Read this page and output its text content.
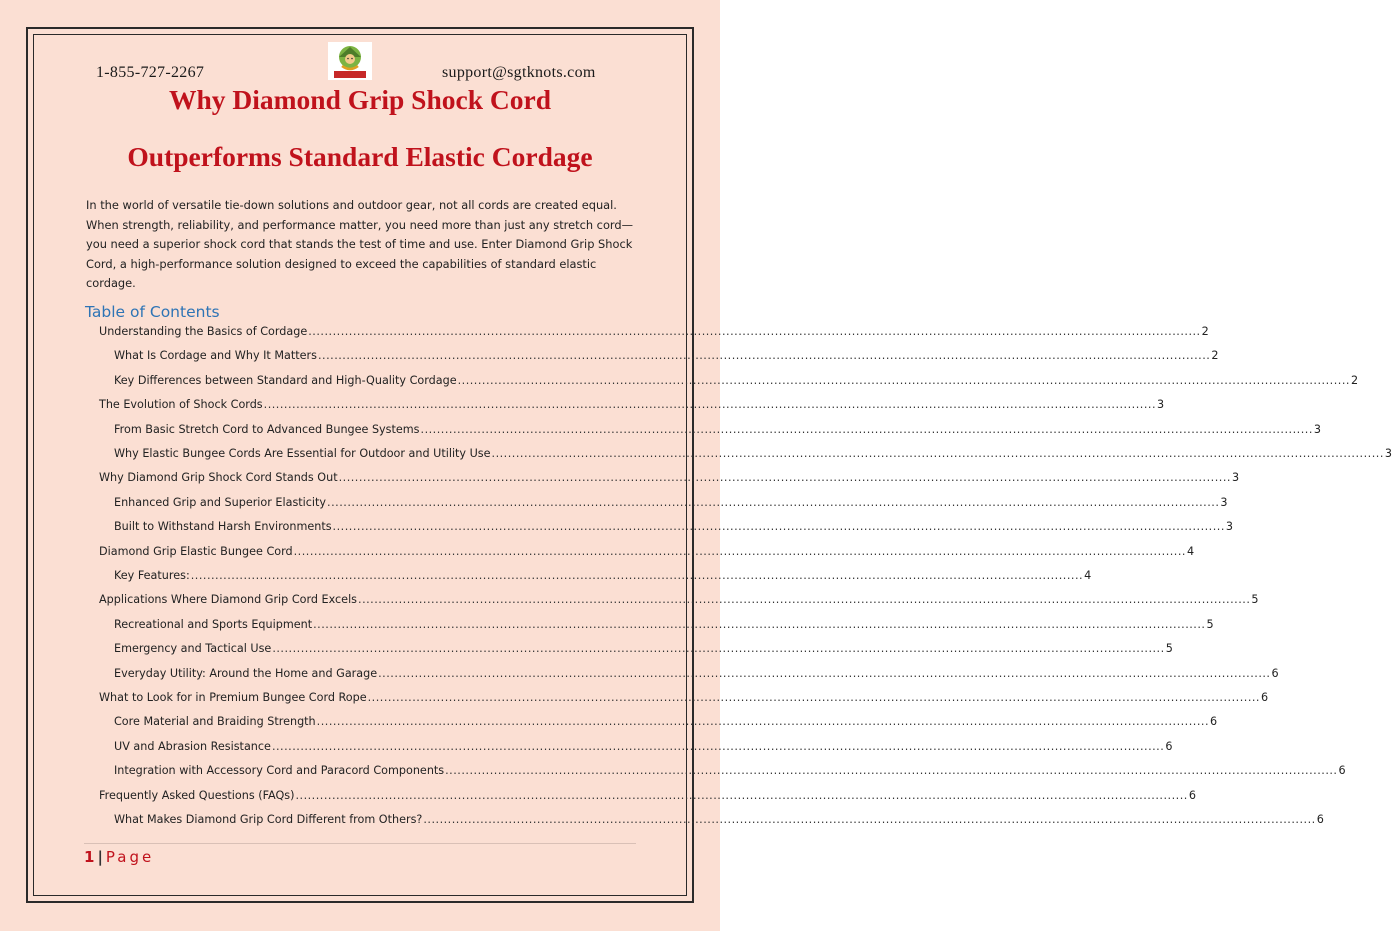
1-855-727-2267	support@sgtknots.com
Why Diamond Grip Shock Cord
Outperforms Standard Elastic Cordage
In the world of versatile tie-down solutions and outdoor gear, not all cords are created equal. When strength, reliability, and performance matter, you need more than just any stretch cord—you need a superior shock cord that stands the test of time and use. Enter Diamond Grip Shock Cord, a high-performance solution designed to exceed the capabilities of standard elastic cordage.
Table of Contents
Understanding the Basics of Cordage ............................................................................................................................................................................................................................ 2
What Is Cordage and Why It Matters ............................................................................................................................................................................................................................ 2
Key Differences between Standard and High-Quality Cordage ............................................................................................................................................................................................................................ 2
The Evolution of Shock Cords ............................................................................................................................................................................................................................ 3
From Basic Stretch Cord to Advanced Bungee Systems ............................................................................................................................................................................................................................ 3
Why Elastic Bungee Cords Are Essential for Outdoor and Utility Use ............................................................................................................................................................................................................................ 3
Why Diamond Grip Shock Cord Stands Out ............................................................................................................................................................................................................................ 3
Enhanced Grip and Superior Elasticity ............................................................................................................................................................................................................................ 3
Built to Withstand Harsh Environments ............................................................................................................................................................................................................................ 3
Diamond Grip Elastic Bungee Cord ............................................................................................................................................................................................................................ 4
Key Features: ............................................................................................................................................................................................................................ 4
Applications Where Diamond Grip Cord Excels ............................................................................................................................................................................................................................ 5
Recreational and Sports Equipment ............................................................................................................................................................................................................................ 5
Emergency and Tactical Use ............................................................................................................................................................................................................................ 5
Everyday Utility: Around the Home and Garage ............................................................................................................................................................................................................................ 6
What to Look for in Premium Bungee Cord Rope ............................................................................................................................................................................................................................ 6
Core Material and Braiding Strength ............................................................................................................................................................................................................................ 6
UV and Abrasion Resistance ............................................................................................................................................................................................................................ 6
Integration with Accessory Cord and Paracord Components ............................................................................................................................................................................................................................ 6
Frequently Asked Questions (FAQs) ............................................................................................................................................................................................................................ 6
What Makes Diamond Grip Cord Different from Others? ............................................................................................................................................................................................................................ 6
1 | Page
